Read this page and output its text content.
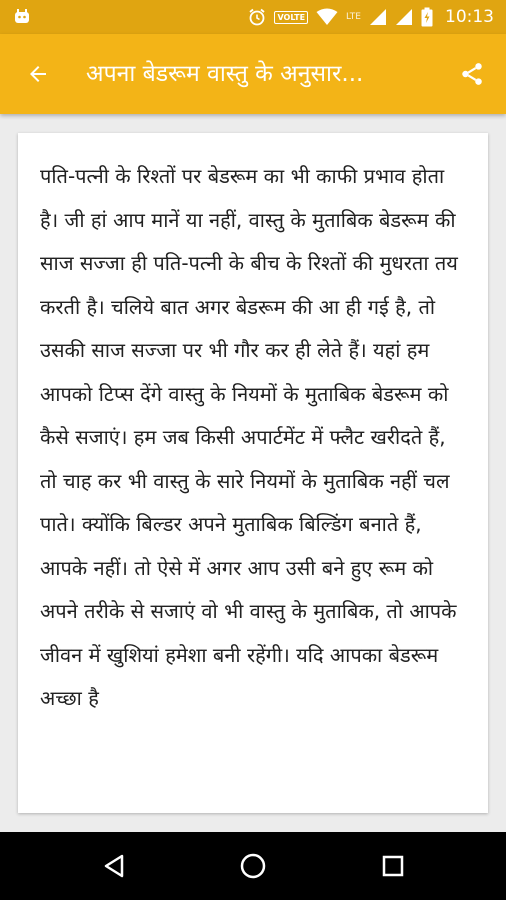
VOLTE	LTE	10:13
अपना बेडरूम वास्तु के अनुसार...

पति-पत्नी के रिश्तों पर बेडरूम का भी काफी प्रभाव होता है। जी हां आप मानें या नहीं, वास्तु के मुताबिक बेडरूम की साज सज्जा ही पति-पत्नी के बीच के रिश्तों की मुधरता तय करती है। चलिये बात अगर बेडरूम की आ ही गई है, तो उसकी साज सज्जा पर भी गौर कर ही लेते हैं। यहां हम आपको टिप्स देंगे वास्तु के नियमों के मुताबिक बेडरूम को कैसे सजाएं। हम जब किसी अपार्टमेंट में फ्लैट खरीदते हैं, तो चाह कर भी वास्तु के सारे नियमों के मुताबिक नहीं चल पाते। क्योंकि बिल्डर अपने मुताबिक बिल्डिंग बनाते हैं, आपके नहीं। तो ऐसे में अगर आप उसी बने हुए रूम को अपने तरीके से सजाएं वो भी वास्तु के मुताबिक, तो आपके जीवन में खुशियां हमेशा बनी रहेंगी। यदि आपका बेडरूम अच्छा है
